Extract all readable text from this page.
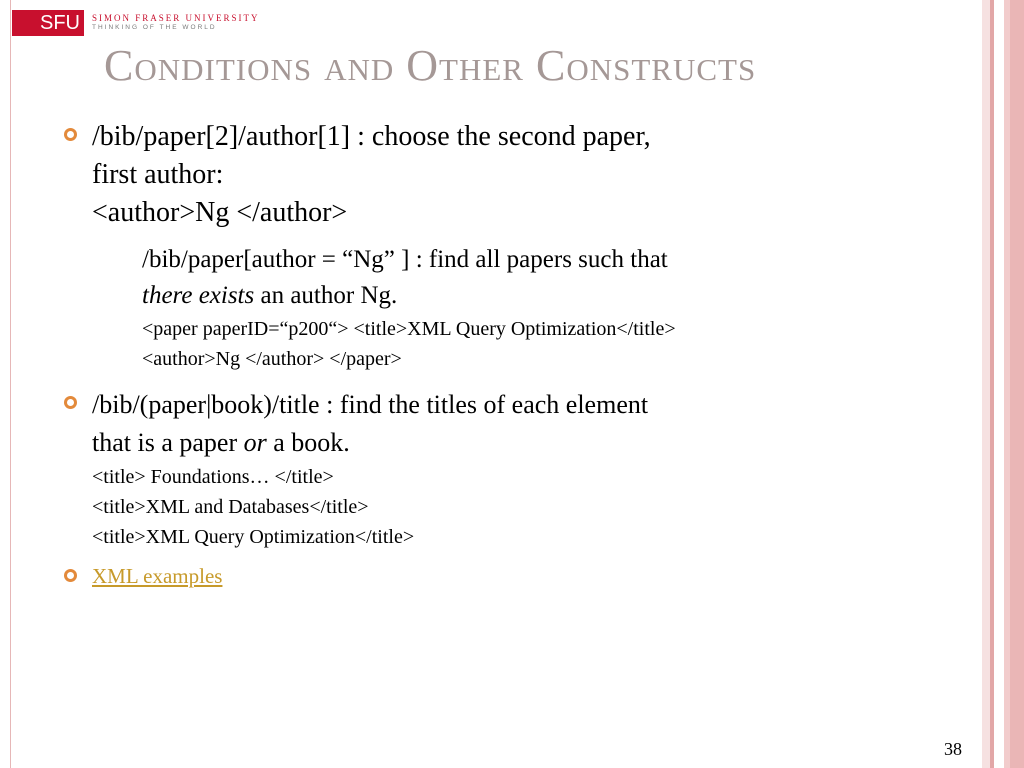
SFU	SIMON FRASER UNIVERSITY
THINKING OF THE WORLD
Conditions and Other Constructs
/bib/paper[2]/author[1] : choose the second paper,
first author:
<author>Ng </author>
/bib/paper[author = “Ng” ] : find all papers such that
there exists an author Ng.
<paper paperID=“p200“> <title>XML Query Optimization</title>
<author>Ng </author> </paper>
/bib/(paper|book)/title : find the titles of each element
that is a paper or a book.
<title> Foundations… </title>
<title>XML and Databases</title>
<title>XML Query Optimization</title>
XML examples
38
